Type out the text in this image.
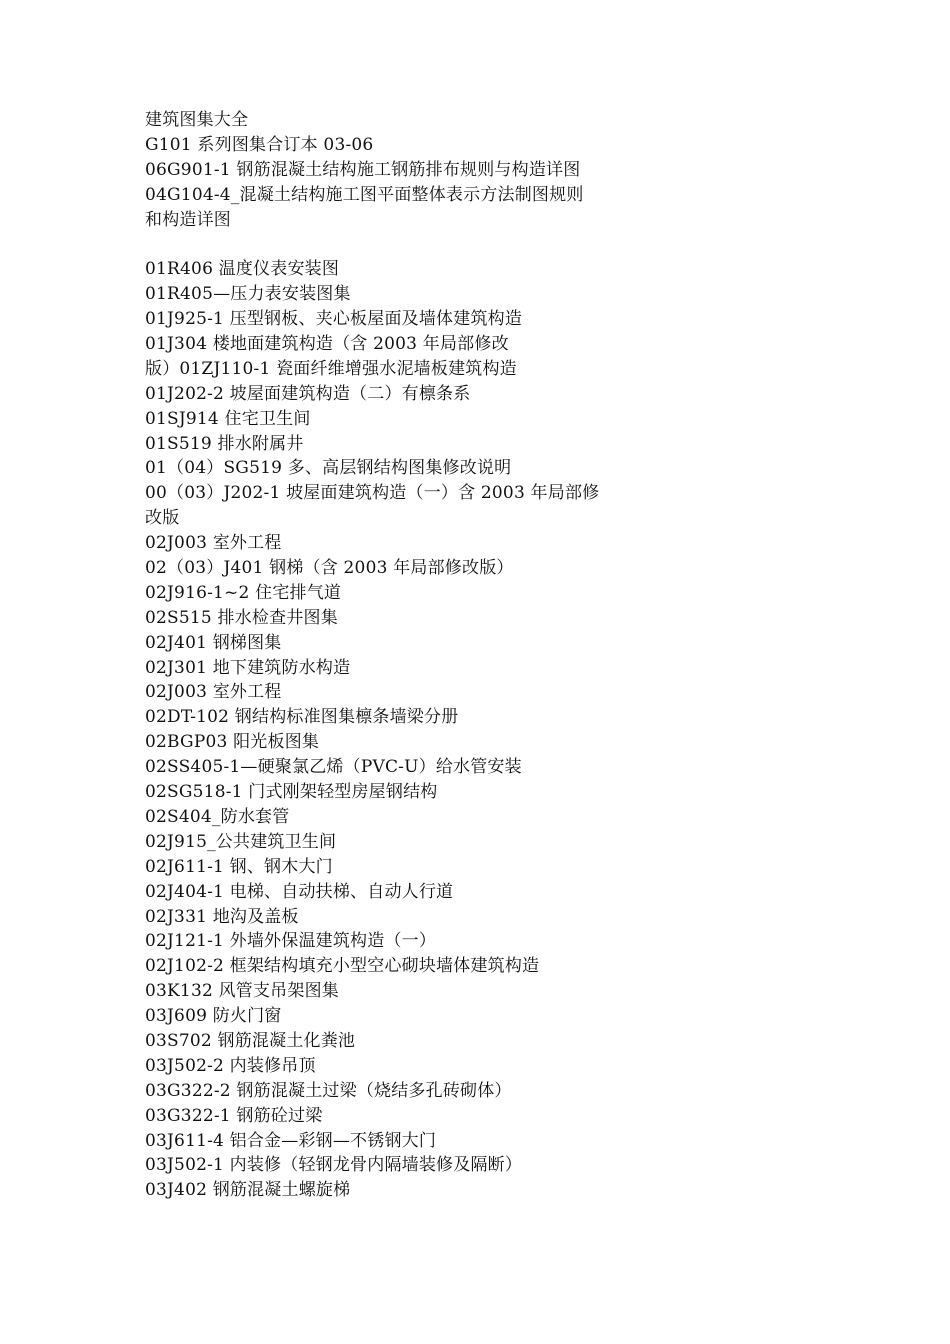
建筑图集大全
G101 系列图集合订本 03-06
06G901-1 钢筋混凝土结构施工钢筋排布规则与构造详图
04G104-4_混凝土结构施工图平面整体表示方法制图规则
和构造详图
01R406 温度仪表安装图
01R405—压力表安装图集
01J925-1 压型钢板、夹心板屋面及墙体建筑构造
01J304 楼地面建筑构造（含 2003 年局部修改
版）01ZJ110-1 瓷面纤维增强水泥墙板建筑构造
01J202-2 坡屋面建筑构造（二）有檩条系
01SJ914 住宅卫生间
01S519 排水附属井
01（04）SG519 多、高层钢结构图集修改说明
00（03）J202-1 坡屋面建筑构造（一）含 2003 年局部修
改版
02J003 室外工程
02（03）J401 钢梯（含 2003 年局部修改版）
02J916-1~2 住宅排气道
02S515 排水检查井图集
02J401 钢梯图集
02J301 地下建筑防水构造
02J003 室外工程
02DT-102 钢结构标准图集檩条墙梁分册
02BGP03 阳光板图集
02SS405-1—硬聚氯乙烯（PVC-U）给水管安装
02SG518-1 门式刚架轻型房屋钢结构
02S404_防水套管
02J915_公共建筑卫生间
02J611-1 钢、钢木大门
02J404-1 电梯、自动扶梯、自动人行道
02J331 地沟及盖板
02J121-1 外墙外保温建筑构造（一）
02J102-2 框架结构填充小型空心砌块墙体建筑构造
03K132 风管支吊架图集
03J609 防火门窗
03S702 钢筋混凝土化粪池
03J502-2 内装修吊顶
03G322-2 钢筋混凝土过梁（烧结多孔砖砌体）
03G322-1 钢筋砼过梁
03J611-4 铝合金—彩钢—不锈钢大门
03J502-1 内装修（轻钢龙骨内隔墙装修及隔断）
03J402 钢筋混凝土螺旋梯
